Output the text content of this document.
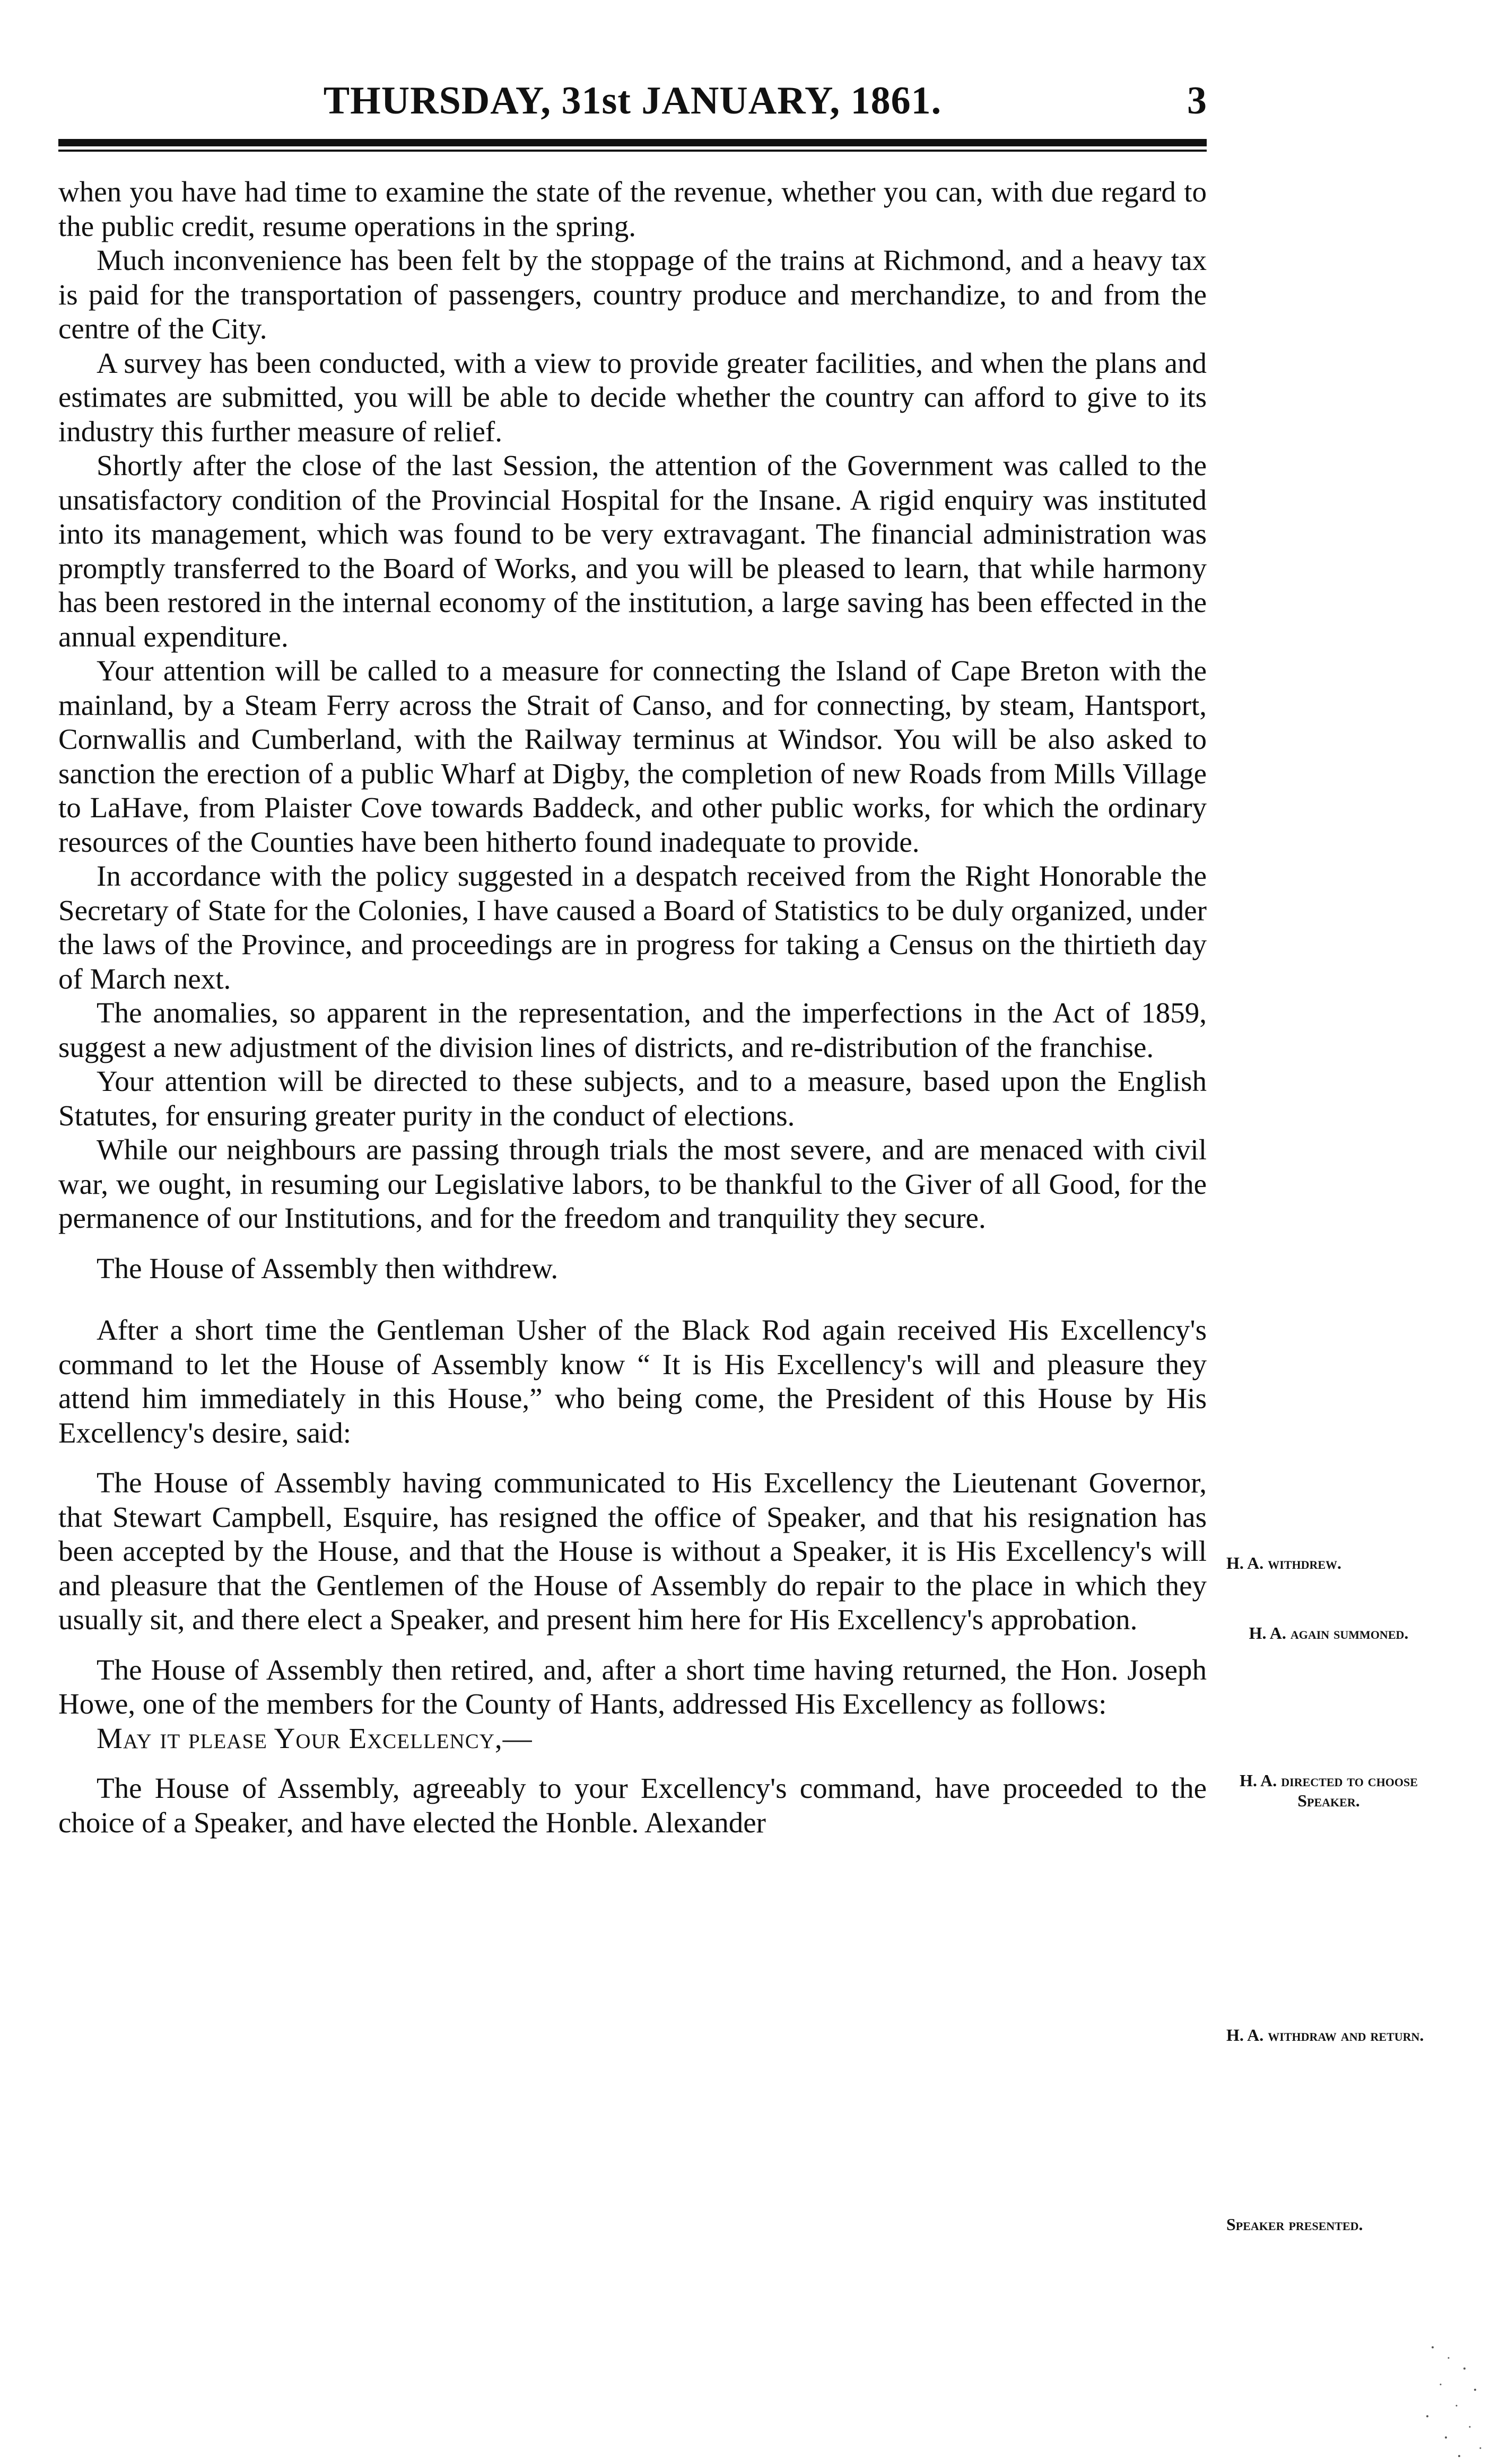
THURSDAY, 31st JANUARY, 1861.	3

when you have had time to examine the state of the revenue, whether you can, with due regard to the public credit, resume operations in the spring.

Much inconvenience has been felt by the stoppage of the trains at Richmond, and a heavy tax is paid for the transportation of passengers, country produce and merchandize, to and from the centre of the City.

A survey has been conducted, with a view to provide greater facilities, and when the plans and estimates are submitted, you will be able to decide whether the country can afford to give to its industry this further measure of relief.

Shortly after the close of the last Session, the attention of the Government was called to the unsatisfactory condition of the Provincial Hospital for the Insane. A rigid enquiry was instituted into its management, which was found to be very extravagant. The financial administration was promptly transferred to the Board of Works, and you will be pleased to learn, that while harmony has been restored in the internal economy of the institution, a large saving has been effected in the annual expenditure.

Your attention will be called to a measure for connecting the Island of Cape Breton with the mainland, by a Steam Ferry across the Strait of Canso, and for connecting, by steam, Hantsport, Cornwallis and Cumberland, with the Railway terminus at Windsor. You will be also asked to sanction the erection of a public Wharf at Digby, the completion of new Roads from Mills Village to LaHave, from Plaister Cove towards Baddeck, and other public works, for which the ordinary resources of the Counties have been hitherto found inadequate to provide.

In accordance with the policy suggested in a despatch received from the Right Honorable the Secretary of State for the Colonies, I have caused a Board of Statistics to be duly organized, under the laws of the Province, and proceedings are in progress for taking a Census on the thirtieth day of March next.

The anomalies, so apparent in the representation, and the imperfections in the Act of 1859, suggest a new adjustment of the division lines of districts, and re-distribution of the franchise.

Your attention will be directed to these subjects, and to a measure, based upon the English Statutes, for ensuring greater purity in the conduct of elections.

While our neighbours are passing through trials the most severe, and are menaced with civil war, we ought, in resuming our Legislative labors, to be thankful to the Giver of all Good, for the permanence of our Institutions, and for the freedom and tranquility they secure.

The House of Assembly then withdrew.

After a short time the Gentleman Usher of the Black Rod again received His Excellency's command to let the House of Assembly know “ It is His Excellency's will and pleasure they attend him immediately in this House,” who being come, the President of this House by His Excellency's desire, said:

The House of Assembly having communicated to His Excellency the Lieutenant Governor, that Stewart Campbell, Esquire, has resigned the office of Speaker, and that his resignation has been accepted by the House, and that the House is without a Speaker, it is His Excellency's will and pleasure that the Gentlemen of the House of Assembly do repair to the place in which they usually sit, and there elect a Speaker, and present him here for His Excellency's approbation.

The House of Assembly then retired, and, after a short time having returned, the Hon. Joseph Howe, one of the members for the County of Hants, addressed His Excellency as follows:

May it please Your Excellency,—

The House of Assembly, agreeably to your Excellency's command, have proceeded to the choice of a Speaker, and have elected the Honble. Alexander

H. A. withdrew.
H. A. again summoned.
H. A. directed to choose Speaker.
H. A. withdraw and return.
Speaker presented.
